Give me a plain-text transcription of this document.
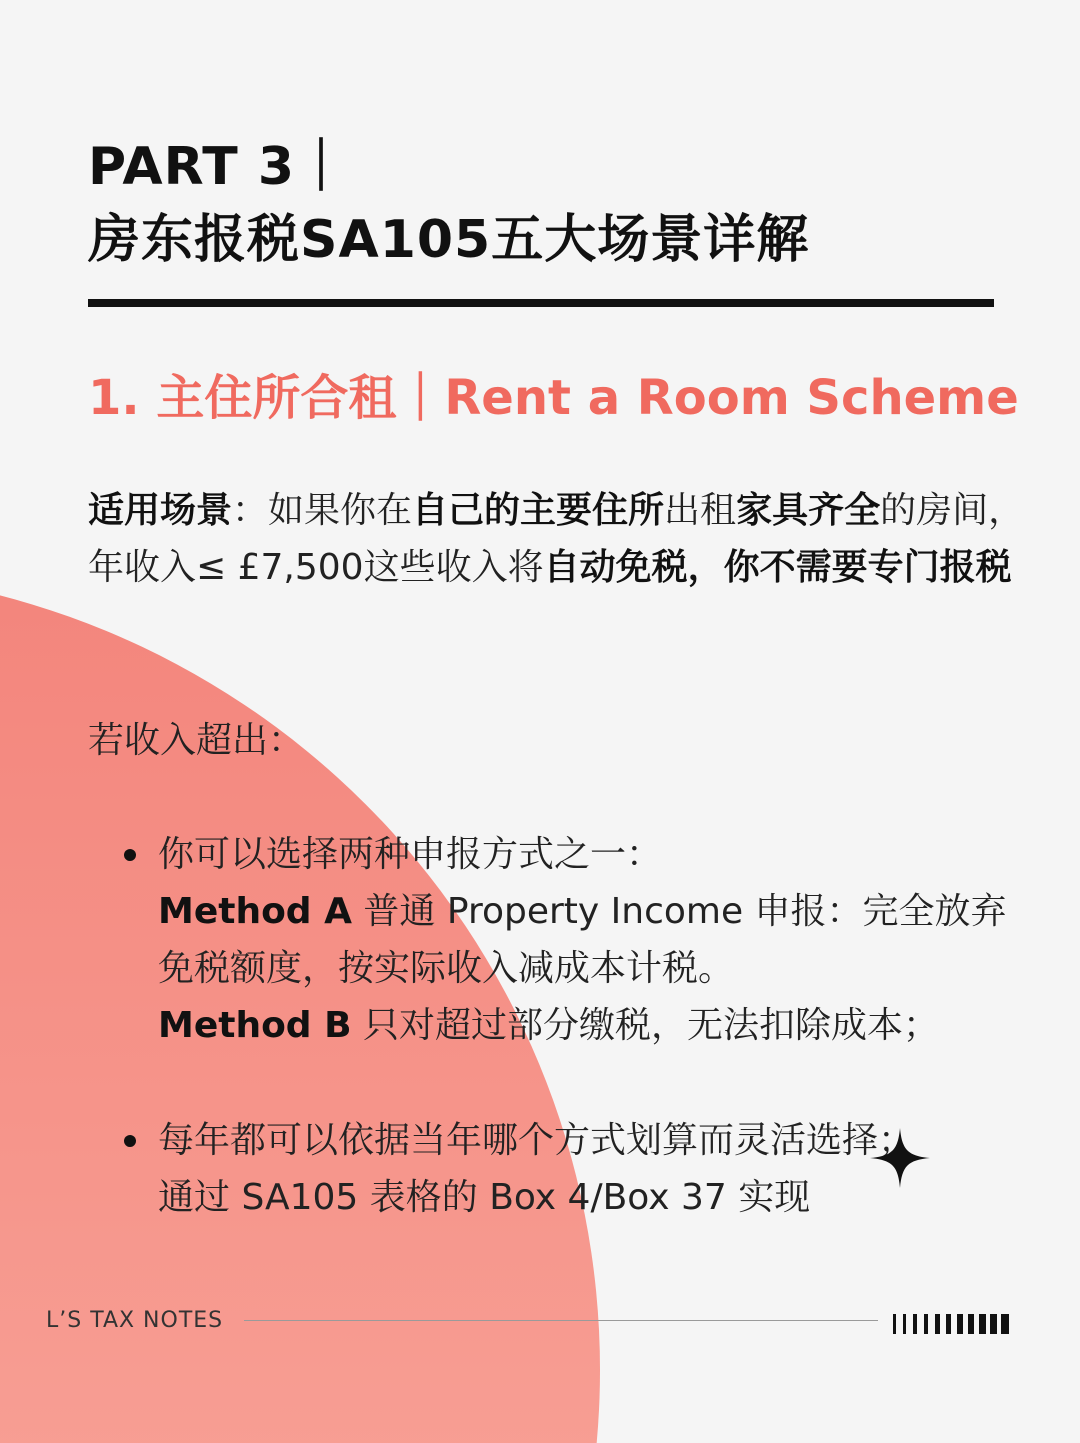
PART 3｜
房东报税SA105五大场景详解
1. 主住所合租｜Rent a Room Scheme
适用场景：如果你在自己的主要住所出租家具齐全的房间，年收入≤ £7,500这些收入将自动免税，你不需要专门报税
若收入超出：
你可以选择两种申报方式之一：
Method A 普通 Property Income 申报：完全放弃免税额度，按实际收入减成本计税。
Method B 只对超过部分缴税，无法扣除成本；
每年都可以依据当年哪个方式划算而灵活选择；
通过 SA105 表格的 Box 4/Box 37 实现
L’S TAX NOTES
